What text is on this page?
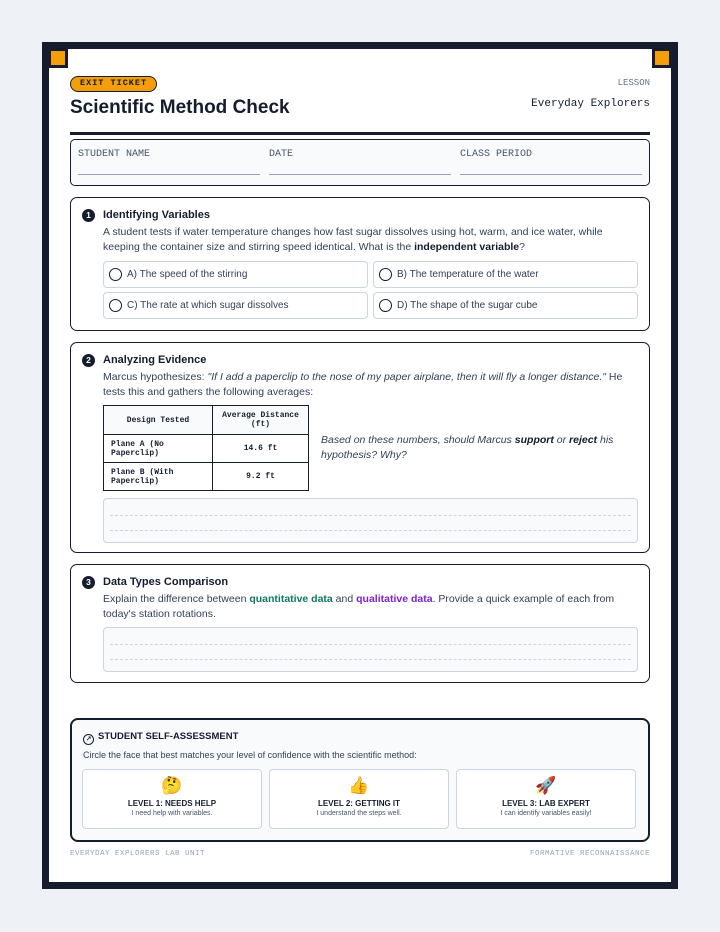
EXIT TICKET
Scientific Method Check
LESSON
Everyday Explorers
STUDENT NAME	DATE	CLASS PERIOD
1	Identifying Variables
A student tests if water temperature changes how fast sugar dissolves using hot, warm, and ice water, while keeping the container size and stirring speed identical. What is the independent variable?
A) The speed of the stirring	B) The temperature of the water
C) The rate at which sugar dissolves	D) The shape of the sugar cube
2	Analyzing Evidence
Marcus hypothesizes: "If I add a paperclip to the nose of my paper airplane, then it will fly a longer distance." He tests this and gathers the following averages:
Design Tested	Average Distance (ft)
Plane A (No Paperclip)	14.6 ft
Plane B (With Paperclip)	9.2 ft
Based on these numbers, should Marcus support or reject his hypothesis? Why?
3	Data Types Comparison
Explain the difference between quantitative data and qualitative data. Provide a quick example of each from today's station rotations.
↗ STUDENT SELF-ASSESSMENT
Circle the face that best matches your level of confidence with the scientific method:
🤔
LEVEL 1: NEEDS HELP
I need help with variables.
👍
LEVEL 2: GETTING IT
I understand the steps well.
🚀
LEVEL 3: LAB EXPERT
I can identify variables easily!
EVERYDAY EXPLORERS LAB UNIT	FORMATIVE RECONNAISSANCE
